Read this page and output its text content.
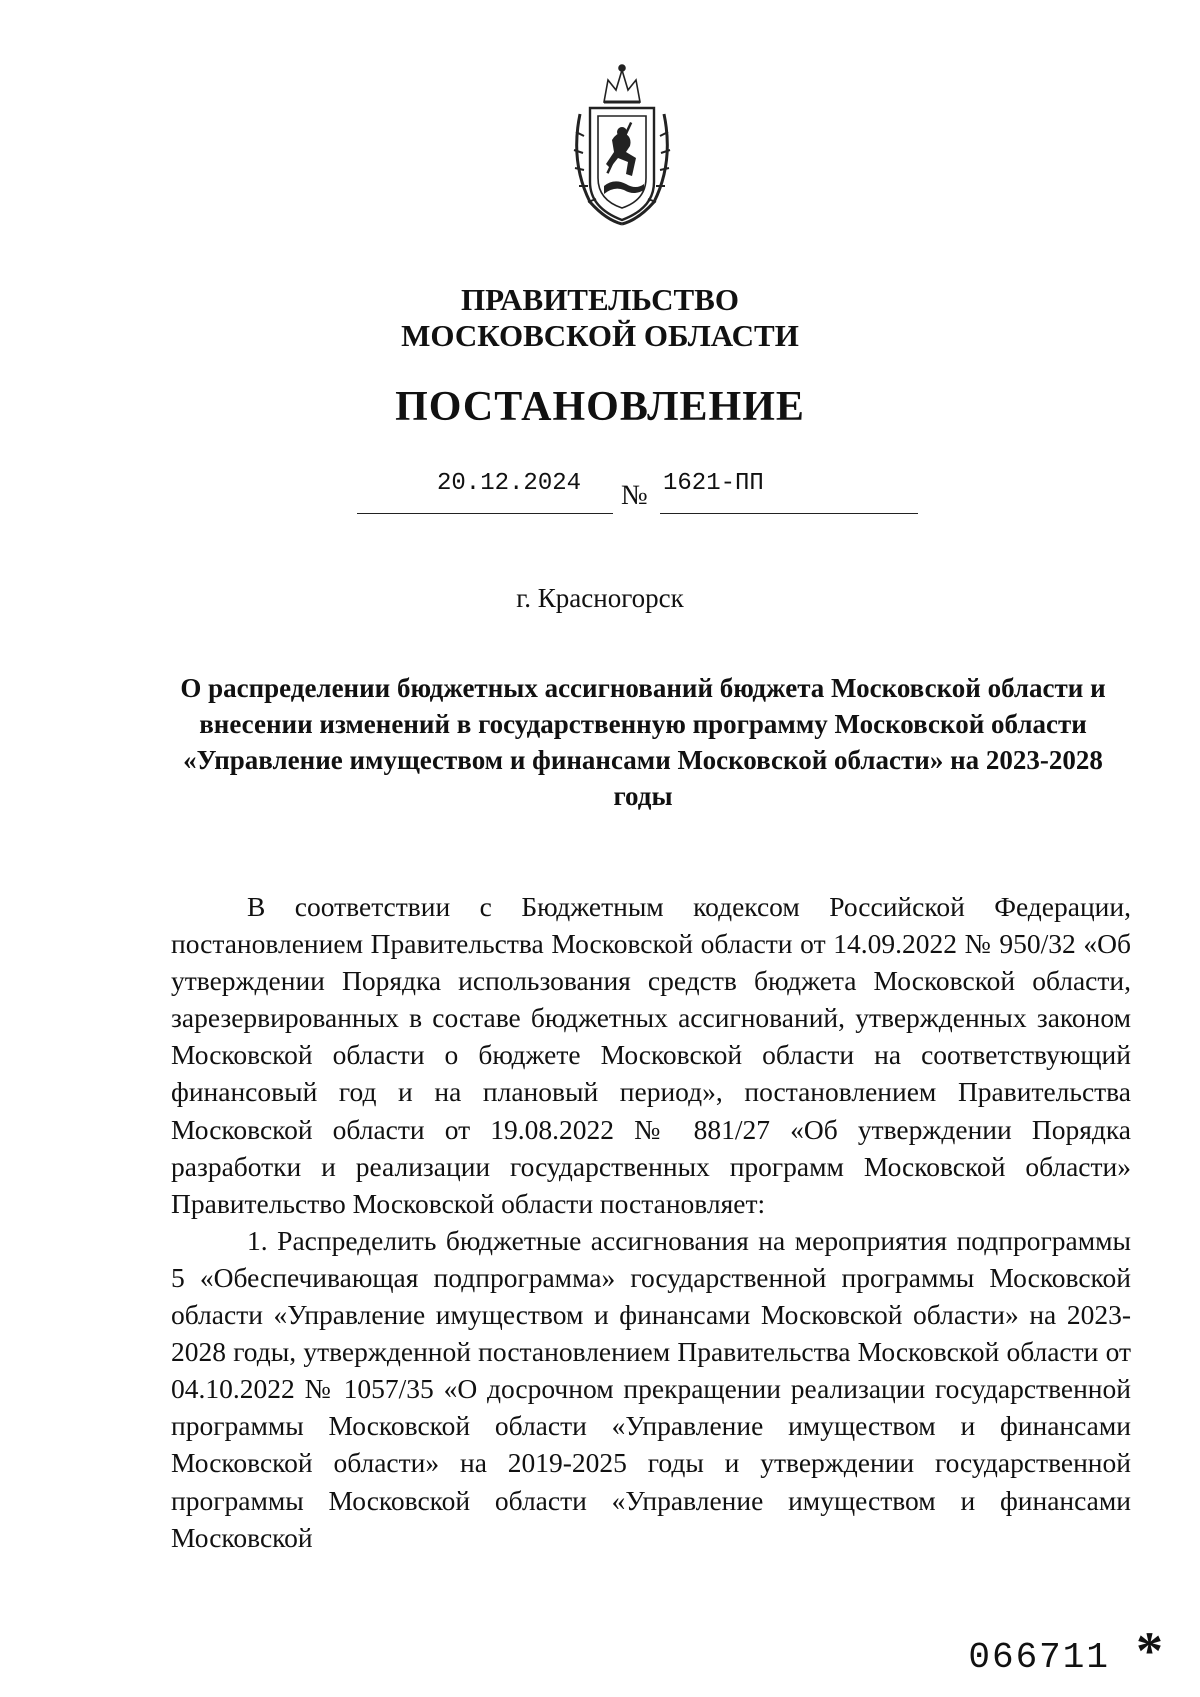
ПРАВИТЕЛЬСТВО
МОСКОВСКОЙ ОБЛАСТИ
ПОСТАНОВЛЕНИЕ
20.12.2024 № 1621-ПП
г. Красногорск
О распределении бюджетных ассигнований бюджета Московской области и внесении изменений в государственную программу Московской области «Управление имуществом и финансами Московской области» на 2023-2028 годы

В соответствии с Бюджетным кодексом Российской Федерации, постановлением Правительства Московской области от 14.09.2022 № 950/32 «Об утверждении Порядка использования средств бюджета Московской области, зарезервированных в составе бюджетных ассигнований, утвержденных законом Московской области о бюджете Московской области на соответствующий финансовый год и на плановый период», постановлением Правительства Московской области от 19.08.2022 № 881/27 «Об утверждении Порядка разработки и реализации государственных программ Московской области» Правительство Московской области постановляет:

1. Распределить бюджетные ассигнования на мероприятия подпрограммы 5 «Обеспечивающая подпрограмма» государственной программы Московской области «Управление имуществом и финансами Московской области» на 2023-2028 годы, утвержденной постановлением Правительства Московской области от 04.10.2022 № 1057/35 «О досрочном прекращении реализации государственной программы Московской области «Управление имуществом и финансами Московской области» на 2019-2025 годы и утверждении государственной программы Московской области «Управление имуществом и финансами Московской

066711 *
